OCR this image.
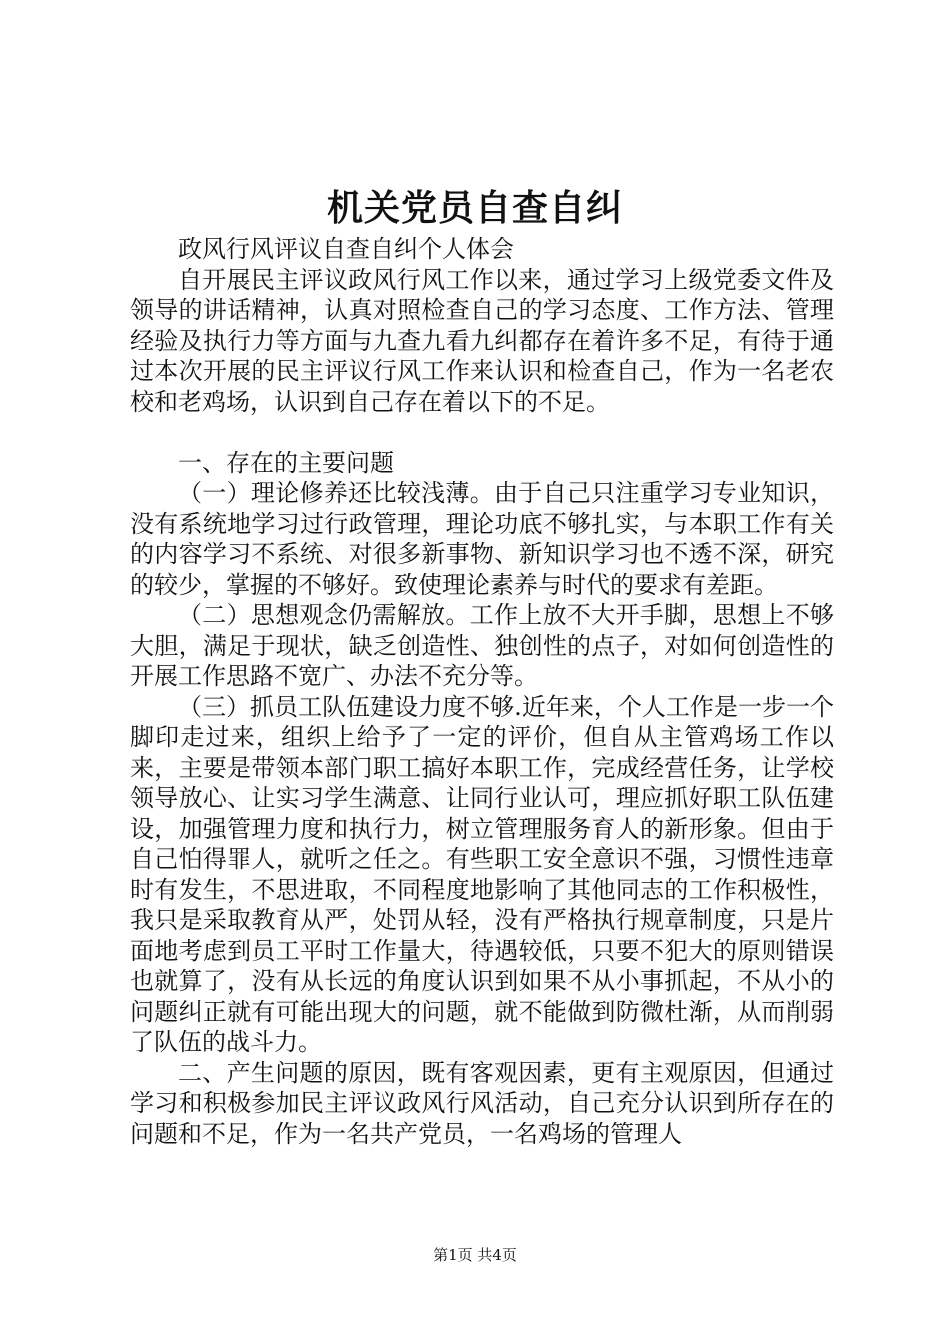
机关党员自查自纠

政风行风评议自查自纠个人体会

自开展民主评议政风行风工作以来，通过学习上级党委文件及领导的讲话精神，认真对照检查自己的学习态度、工作方法、管理经验及执行力等方面与九查九看九纠都存在着许多不足，有待于通过本次开展的民主评议行风工作来认识和检查自己，作为一名老农校和老鸡场，认识到自己存在着以下的不足。

一、存在的主要问题

（一）理论修养还比较浅薄。由于自己只注重学习专业知识，没有系统地学习过行政管理，理论功底不够扎实，与本职工作有关的内容学习不系统、对很多新事物、新知识学习也不透不深，研究的较少，掌握的不够好。致使理论素养与时代的要求有差距。

（二）思想观念仍需解放。工作上放不大开手脚，思想上不够大胆，满足于现状，缺乏创造性、独创性的点子，对如何创造性的开展工作思路不宽广、办法不充分等。

（三）抓员工队伍建设力度不够.近年来，个人工作是一步一个脚印走过来，组织上给予了一定的评价，但自从主管鸡场工作以来，主要是带领本部门职工搞好本职工作，完成经营任务，让学校领导放心、让实习学生满意、让同行业认可，理应抓好职工队伍建设，加强管理力度和执行力，树立管理服务育人的新形象。但由于自己怕得罪人，就听之任之。有些职工安全意识不强，习惯性违章时有发生，不思进取，不同程度地影响了其他同志的工作积极性，我只是采取教育从严，处罚从轻，没有严格执行规章制度，只是片面地考虑到员工平时工作量大，待遇较低，只要不犯大的原则错误也就算了，没有从长远的角度认识到如果不从小事抓起，不从小的问题纠正就有可能出现大的问题，就不能做到防微杜渐，从而削弱了队伍的战斗力。

二、产生问题的原因，既有客观因素，更有主观原因，但通过学习和积极参加民主评议政风行风活动，自己充分认识到所存在的问题和不足，作为一名共产党员，一名鸡场的管理人

第1页 共4页
